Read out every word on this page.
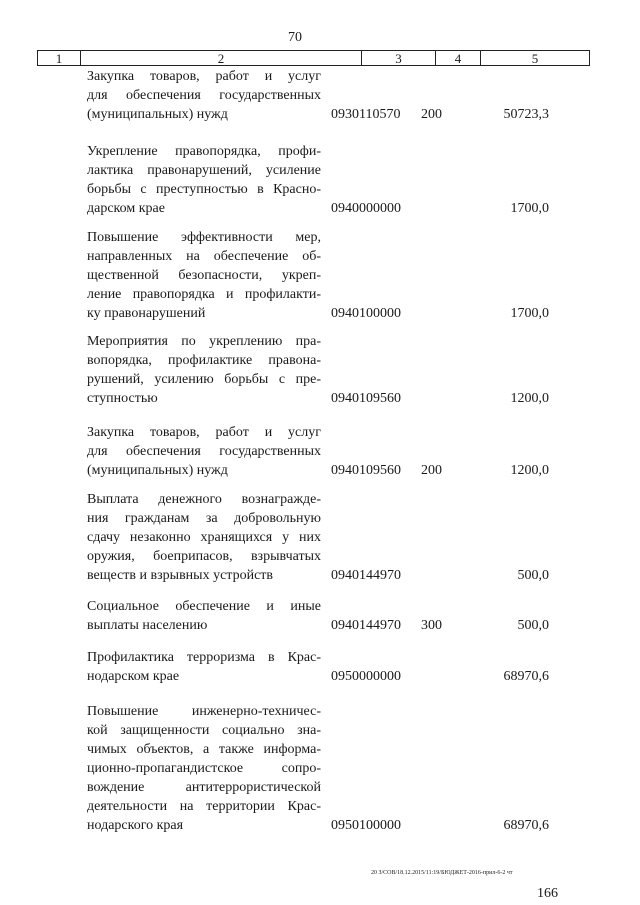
70
1	2	3	4	5
Закупка товаров, работ и услуг
для обеспечения государственных
(муниципальных) нужд	0930110570 200	50723,3
Укрепление правопорядка, профи-
лактика правонарушений, усиление
борьбы с преступностью в Красно-
дарском крае	0940000000	1700,0
Повышение эффективности мер,
направленных на обеспечение об-
щественной безопасности, укреп-
ление правопорядка и профилакти-
ку правонарушений	0940100000	1700,0
Мероприятия по укреплению пра-
вопорядка, профилактике правона-
рушений, усилению борьбы с пре-
ступностью	0940109560	1200,0
Закупка товаров, работ и услуг
для обеспечения государственных
(муниципальных) нужд	0940109560 200	1200,0
Выплата денежного вознагражде-
ния гражданам за добровольную
сдачу незаконно хранящихся у них
оружия, боеприпасов, взрывчатых
веществ и взрывных устройств	0940144970	500,0
Социальное обеспечение и иные
выплаты населению	0940144970 300	500,0
Профилактика терроризма в Крас-
нодарском крае	0950000000	68970,6
Повышение инженерно-техничес-
кой защищенности социально зна-
чимых объектов, а также информа-
ционно-пропагандистское сопро-
вождение антитеррористической
деятельности на территории Крас-
нодарского края	0950100000	68970,6
20 З/СОВ/18.12.2015/11:19/БЮДЖЕТ-2016-прил-6-2 чт
166
